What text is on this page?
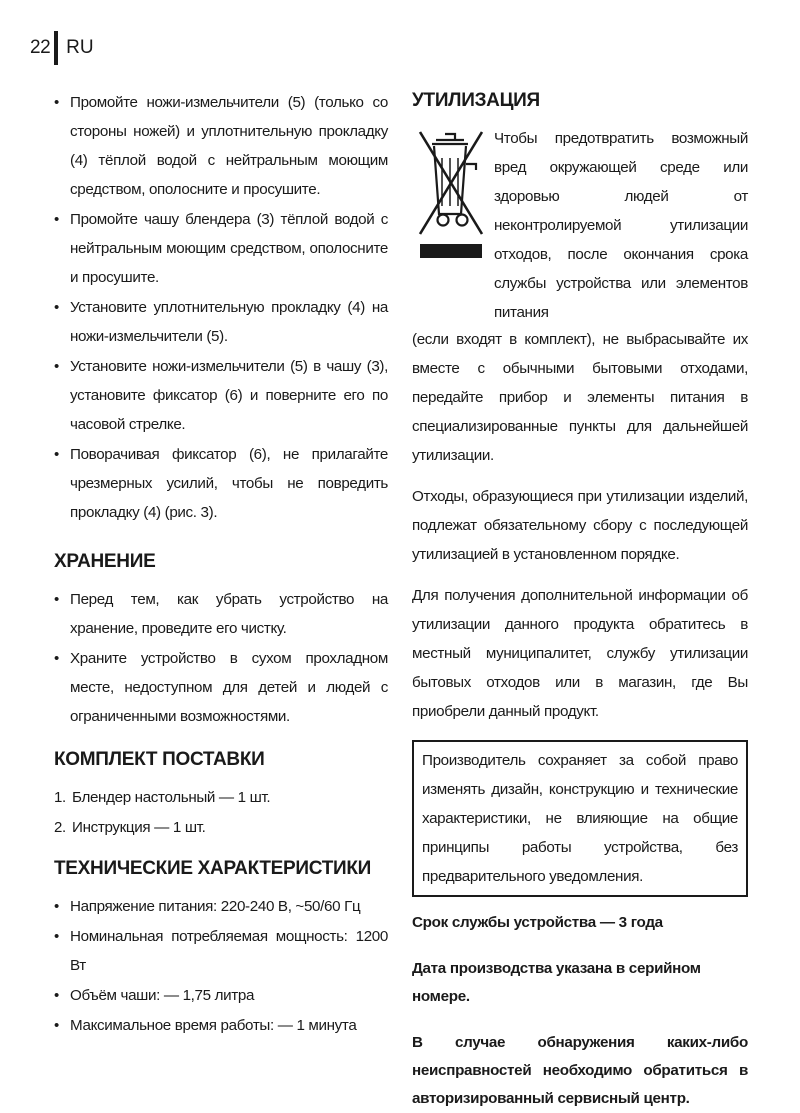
22 RU
• Промойте ножи-измельчители (5) (только со стороны ножей) и уплотнительную прокладку (4) тёплой водой с нейтральным моющим средством, ополосните и просушите.
• Промойте чашу блендера (3) тёплой водой с нейтральным моющим средством, ополосните и просушите.
• Установите уплотнительную прокладку (4) на ножи-измельчители (5).
• Установите ножи-измельчители (5) в чашу (3), установите фиксатор (6) и поверните его по часовой стрелке.
• Поворачивая фиксатор (6), не прилагайте чрезмерных усилий, чтобы не повредить прокладку (4) (рис. 3).
ХРАНЕНИЕ
• Перед тем, как убрать устройство на хранение, проведите его чистку.
• Храните устройство в сухом прохладном месте, недоступном для детей и людей с ограниченными возможностями.
КОМПЛЕКТ ПОСТАВКИ
1. Блендер настольный — 1 шт.
2. Инструкция — 1 шт.
ТЕХНИЧЕСКИЕ ХАРАКТЕРИСТИКИ
• Напряжение питания: 220-240 В, ~50/60 Гц
• Номинальная потребляемая мощность: 1200 Вт
• Объём чаши: — 1,75 литра
• Максимальное время работы: — 1 минута
УТИЛИЗАЦИЯ
Чтобы предотвратить возможный вред окружающей среде или здоровью людей от неконтролируемой утилизации отходов, после окончания срока службы устройства или элементов питания

(если входят в комплект), не выбрасывайте их вместе с обычными бытовыми отходами, передайте прибор и элементы питания в специализированные пункты для дальнейшей утилизации.

Отходы, образующиеся при утилизации изделий, подлежат обязательному сбору с последующей утилизацией в установленном порядке.

Для получения дополнительной информации об утилизации данного продукта обратитесь в местный муниципалитет, службу утилизации бытовых отходов или в магазин, где Вы приобрели данный продукт.

Производитель сохраняет за собой право изменять дизайн, конструкцию и технические характеристики, не влияющие на общие принципы работы устройства, без предварительного уведомления.

Срок службы устройства — 3 года

Дата производства указана в серийном номере.

В случае обнаружения каких-либо неисправностей необходимо обратиться в авторизированный сервисный центр.
